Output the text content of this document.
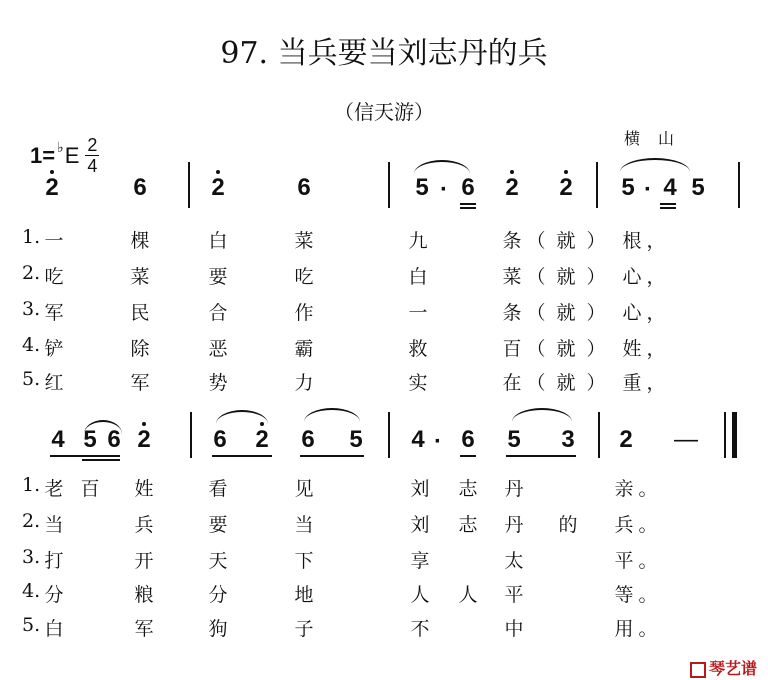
97. 当兵要当刘志丹的兵
（信天游）
1= ♭ E 2
4
横山
2	6	2	6	5 · 6 2 2 5 · 4 5
1. 一	棵	白	菜	九	条 （ 就 ） 根 ，
2. 吃	菜	要	吃	白	菜 （ 就 ） 心 ，
3. 军	民	合	作	一	条 （ 就 ） 心 ，
4. 铲	除	恶	霸	救	百 （ 就 ） 姓 ，
5. 红	军	势	力	实	在 （ 就 ） 重 ，
4 5 6 2	6 2 6 5 4 · 6 5 3 2 —
1. 老 百	姓	看	见	刘	志	丹	亲 。
2. 当	兵	要	当	刘	志	丹	的	兵 。
3. 打	开	天	下	享	太	平 。
4. 分	粮	分	地	人	人	平	等 。
5. 白	军	狗	子	不	中	用 。
琴艺谱
